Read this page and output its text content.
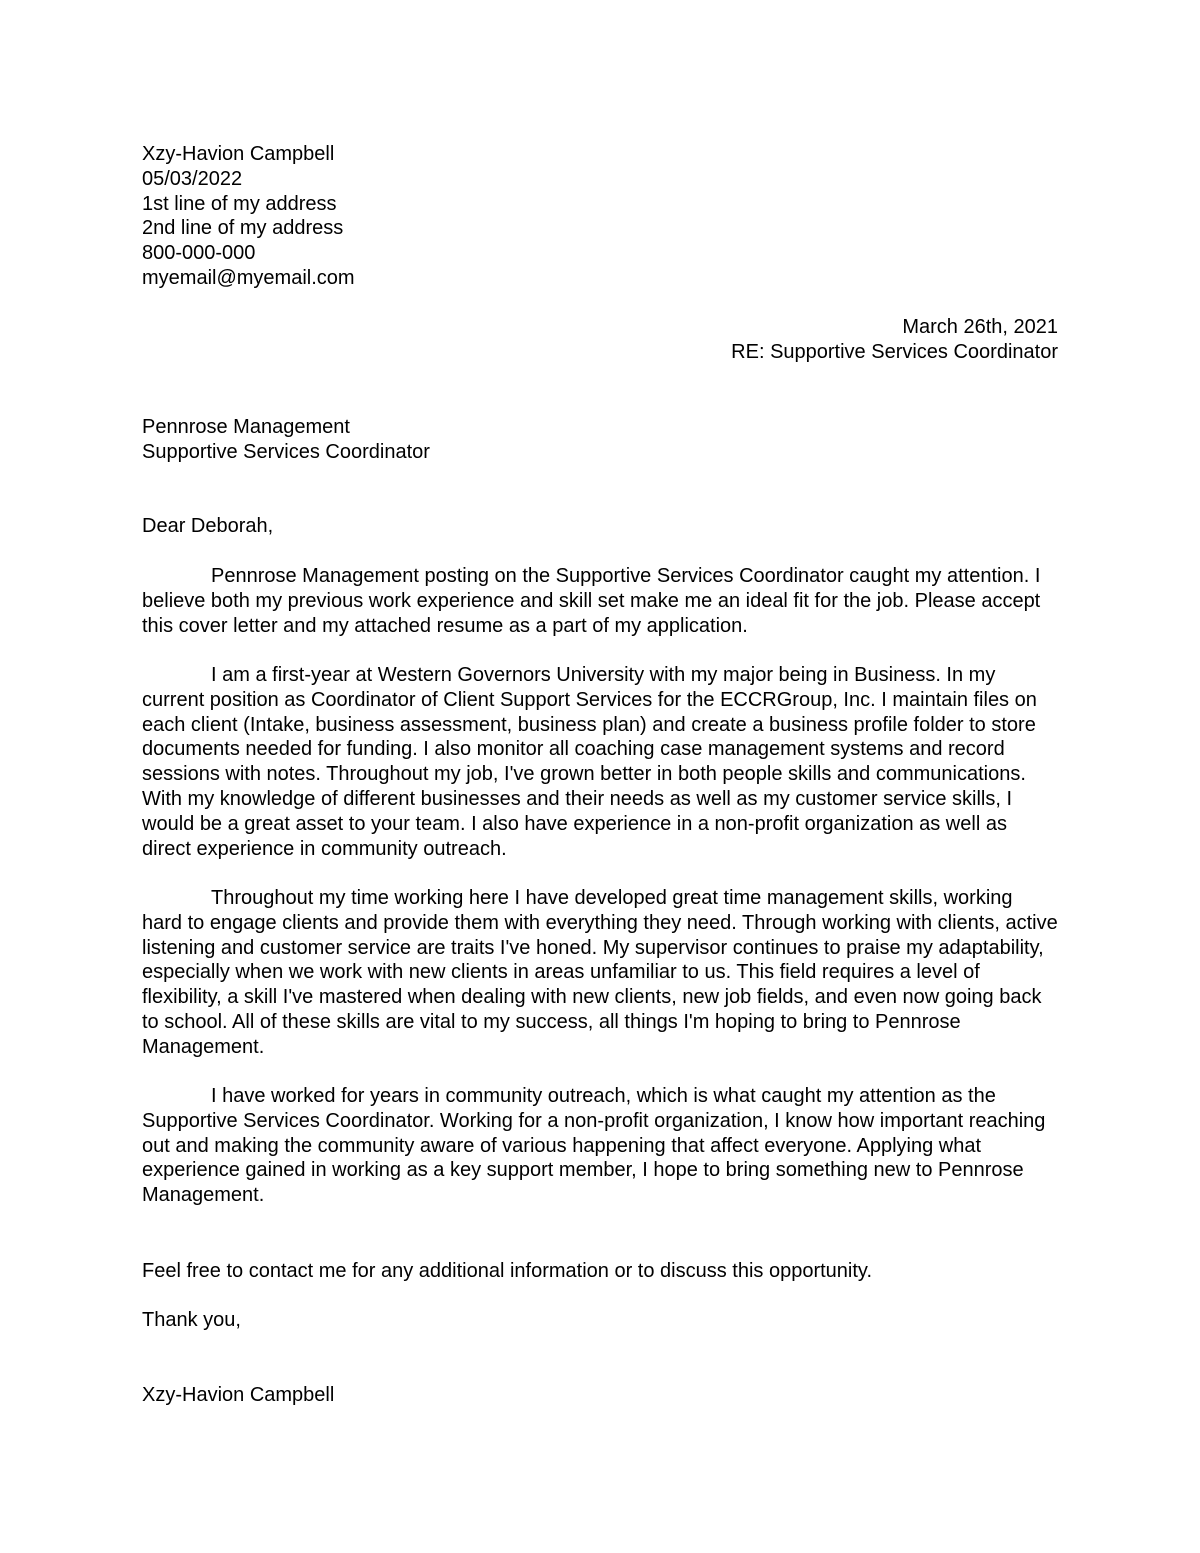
Xzy-Havion Campbell
05/03/2022
1st line of my address
2nd line of my address
800-000-000
myemail@myemail.com
March 26th, 2021
RE: Supportive Services Coordinator
Pennrose Management
Supportive Services Coordinator
Dear Deborah,

Pennrose Management posting on the Supportive Services Coordinator caught my attention. I believe both my previous work experience and skill set make me an ideal fit for the job. Please accept this cover letter and my attached resume as a part of my application.

I am a first-year at Western Governors University with my major being in Business. In my current position as Coordinator of Client Support Services for the ECCRGroup, Inc. I maintain files on each client (Intake, business assessment, business plan) and create a business profile folder to store documents needed for funding. I also monitor all coaching case management systems and record sessions with notes. Throughout my job, I've grown better in both people skills and communications. With my knowledge of different businesses and their needs as well as my customer service skills, I would be a great asset to your team. I also have experience in a non-profit organization as well as direct experience in community outreach.

Throughout my time working here I have developed great time management skills, working hard to engage clients and provide them with everything they need. Through working with clients, active listening and customer service are traits I've honed. My supervisor continues to praise my adaptability, especially when we work with new clients in areas unfamiliar to us. This field requires a level of flexibility, a skill I've mastered when dealing with new clients, new job fields, and even now going back to school. All of these skills are vital to my success, all things I'm hoping to bring to Pennrose Management.

I have worked for years in community outreach, which is what caught my attention as the Supportive Services Coordinator. Working for a non-profit organization, I know how important reaching out and making the community aware of various happening that affect everyone. Applying what experience gained in working as a key support member, I hope to bring something new to Pennrose Management.

Feel free to contact me for any additional information or to discuss this opportunity.
Thank you,
Xzy-Havion Campbell
